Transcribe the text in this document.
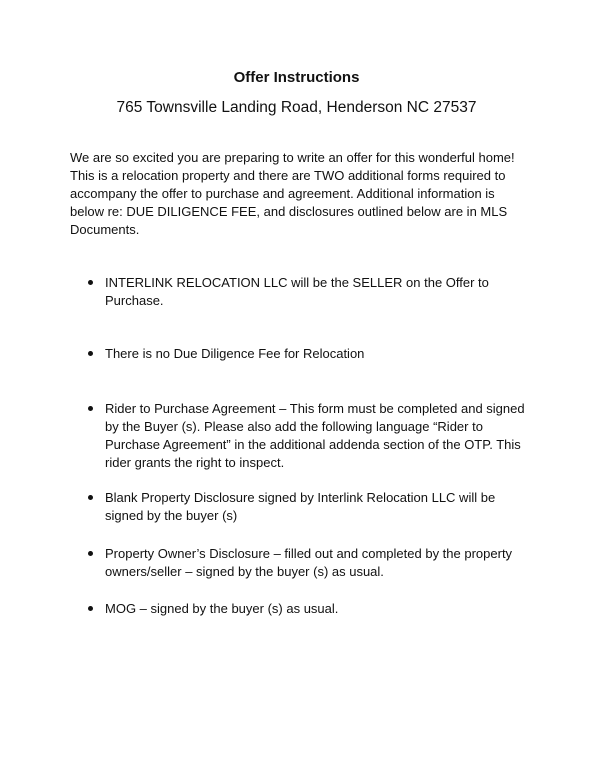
Offer Instructions
765 Townsville Landing Road, Henderson NC 27537

We are so excited you are preparing to write an offer for this wonderful home! This is a relocation property and there are TWO additional forms required to accompany the offer to purchase and agreement. Additional information is below re: DUE DILIGENCE FEE, and disclosures outlined below are in MLS Documents.

INTERLINK RELOCATION LLC will be the SELLER on the Offer to Purchase.
There is no Due Diligence Fee for Relocation
Rider to Purchase Agreement – This form must be completed and signed by the Buyer (s). Please also add the following language “Rider to Purchase Agreement” in the additional addenda section of the OTP. This rider grants the right to inspect.
Blank Property Disclosure signed by Interlink Relocation LLC will be signed by the buyer (s)
Property Owner’s Disclosure – filled out and completed by the property owners/seller – signed by the buyer (s) as usual.
MOG – signed by the buyer (s) as usual.
